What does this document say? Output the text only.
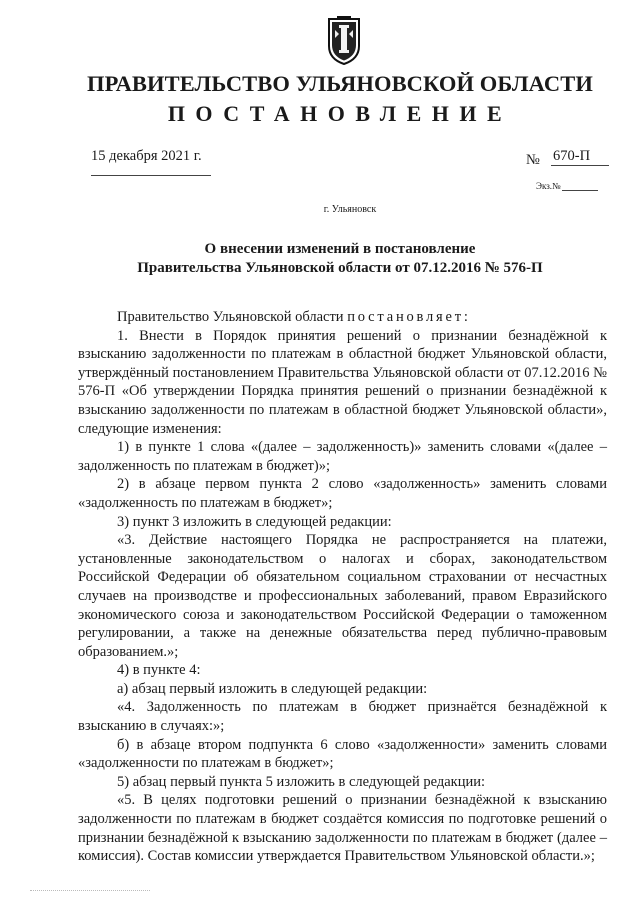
ПРАВИТЕЛЬСТВО УЛЬЯНОВСКОЙ ОБЛАСТИ
ПОСТАНОВЛЕНИЕ
15 декабря 2021 г.	№ 670-П
Экз.№
г. Ульяновск
О внесении изменений в постановление
Правительства Ульяновской области от 07.12.2016 № 576-П

Правительство Ульяновской области постановляет:

1. Внести в Порядок принятия решений о признании безнадёжной к взысканию задолженности по платежам в областной бюджет Ульяновской области, утверждённый постановлением Правительства Ульяновской области от 07.12.2016 № 576-П «Об утверждении Порядка принятия решений о признании безнадёжной к взысканию задолженности по платежам в областной бюджет Ульяновской области», следующие изменения:

1) в пункте 1 слова «(далее – задолженность)» заменить словами «(далее – задолженность по платежам в бюджет)»;

2) в абзаце первом пункта 2 слово «задолженность» заменить словами «задолженность по платежам в бюджет»;

3) пункт 3 изложить в следующей редакции:

«3. Действие настоящего Порядка не распространяется на платежи, установленные законодательством о налогах и сборах, законодательством Российской Федерации об обязательном социальном страховании от несчастных случаев на производстве и профессиональных заболеваний, правом Евразийского экономического союза и законодательством Российской Федерации о таможенном регулировании, а также на денежные обязательства перед публично-правовым образованием.»;

4) в пункте 4:

а) абзац первый изложить в следующей редакции:

«4. Задолженность по платежам в бюджет признаётся безнадёжной к взысканию в случаях:»;

б) в абзаце втором подпункта 6 слово «задолженности» заменить словами «задолженности по платежам в бюджет»;

5) абзац первый пункта 5 изложить в следующей редакции:

«5. В целях подготовки решений о признании безнадёжной к взысканию задолженности по платежам в бюджет создаётся комиссия по подготовке решений о признании безнадёжной к взысканию задолженности по платежам в бюджет (далее – комиссия). Состав комиссии утверждается Правительством Ульяновской области.»;
